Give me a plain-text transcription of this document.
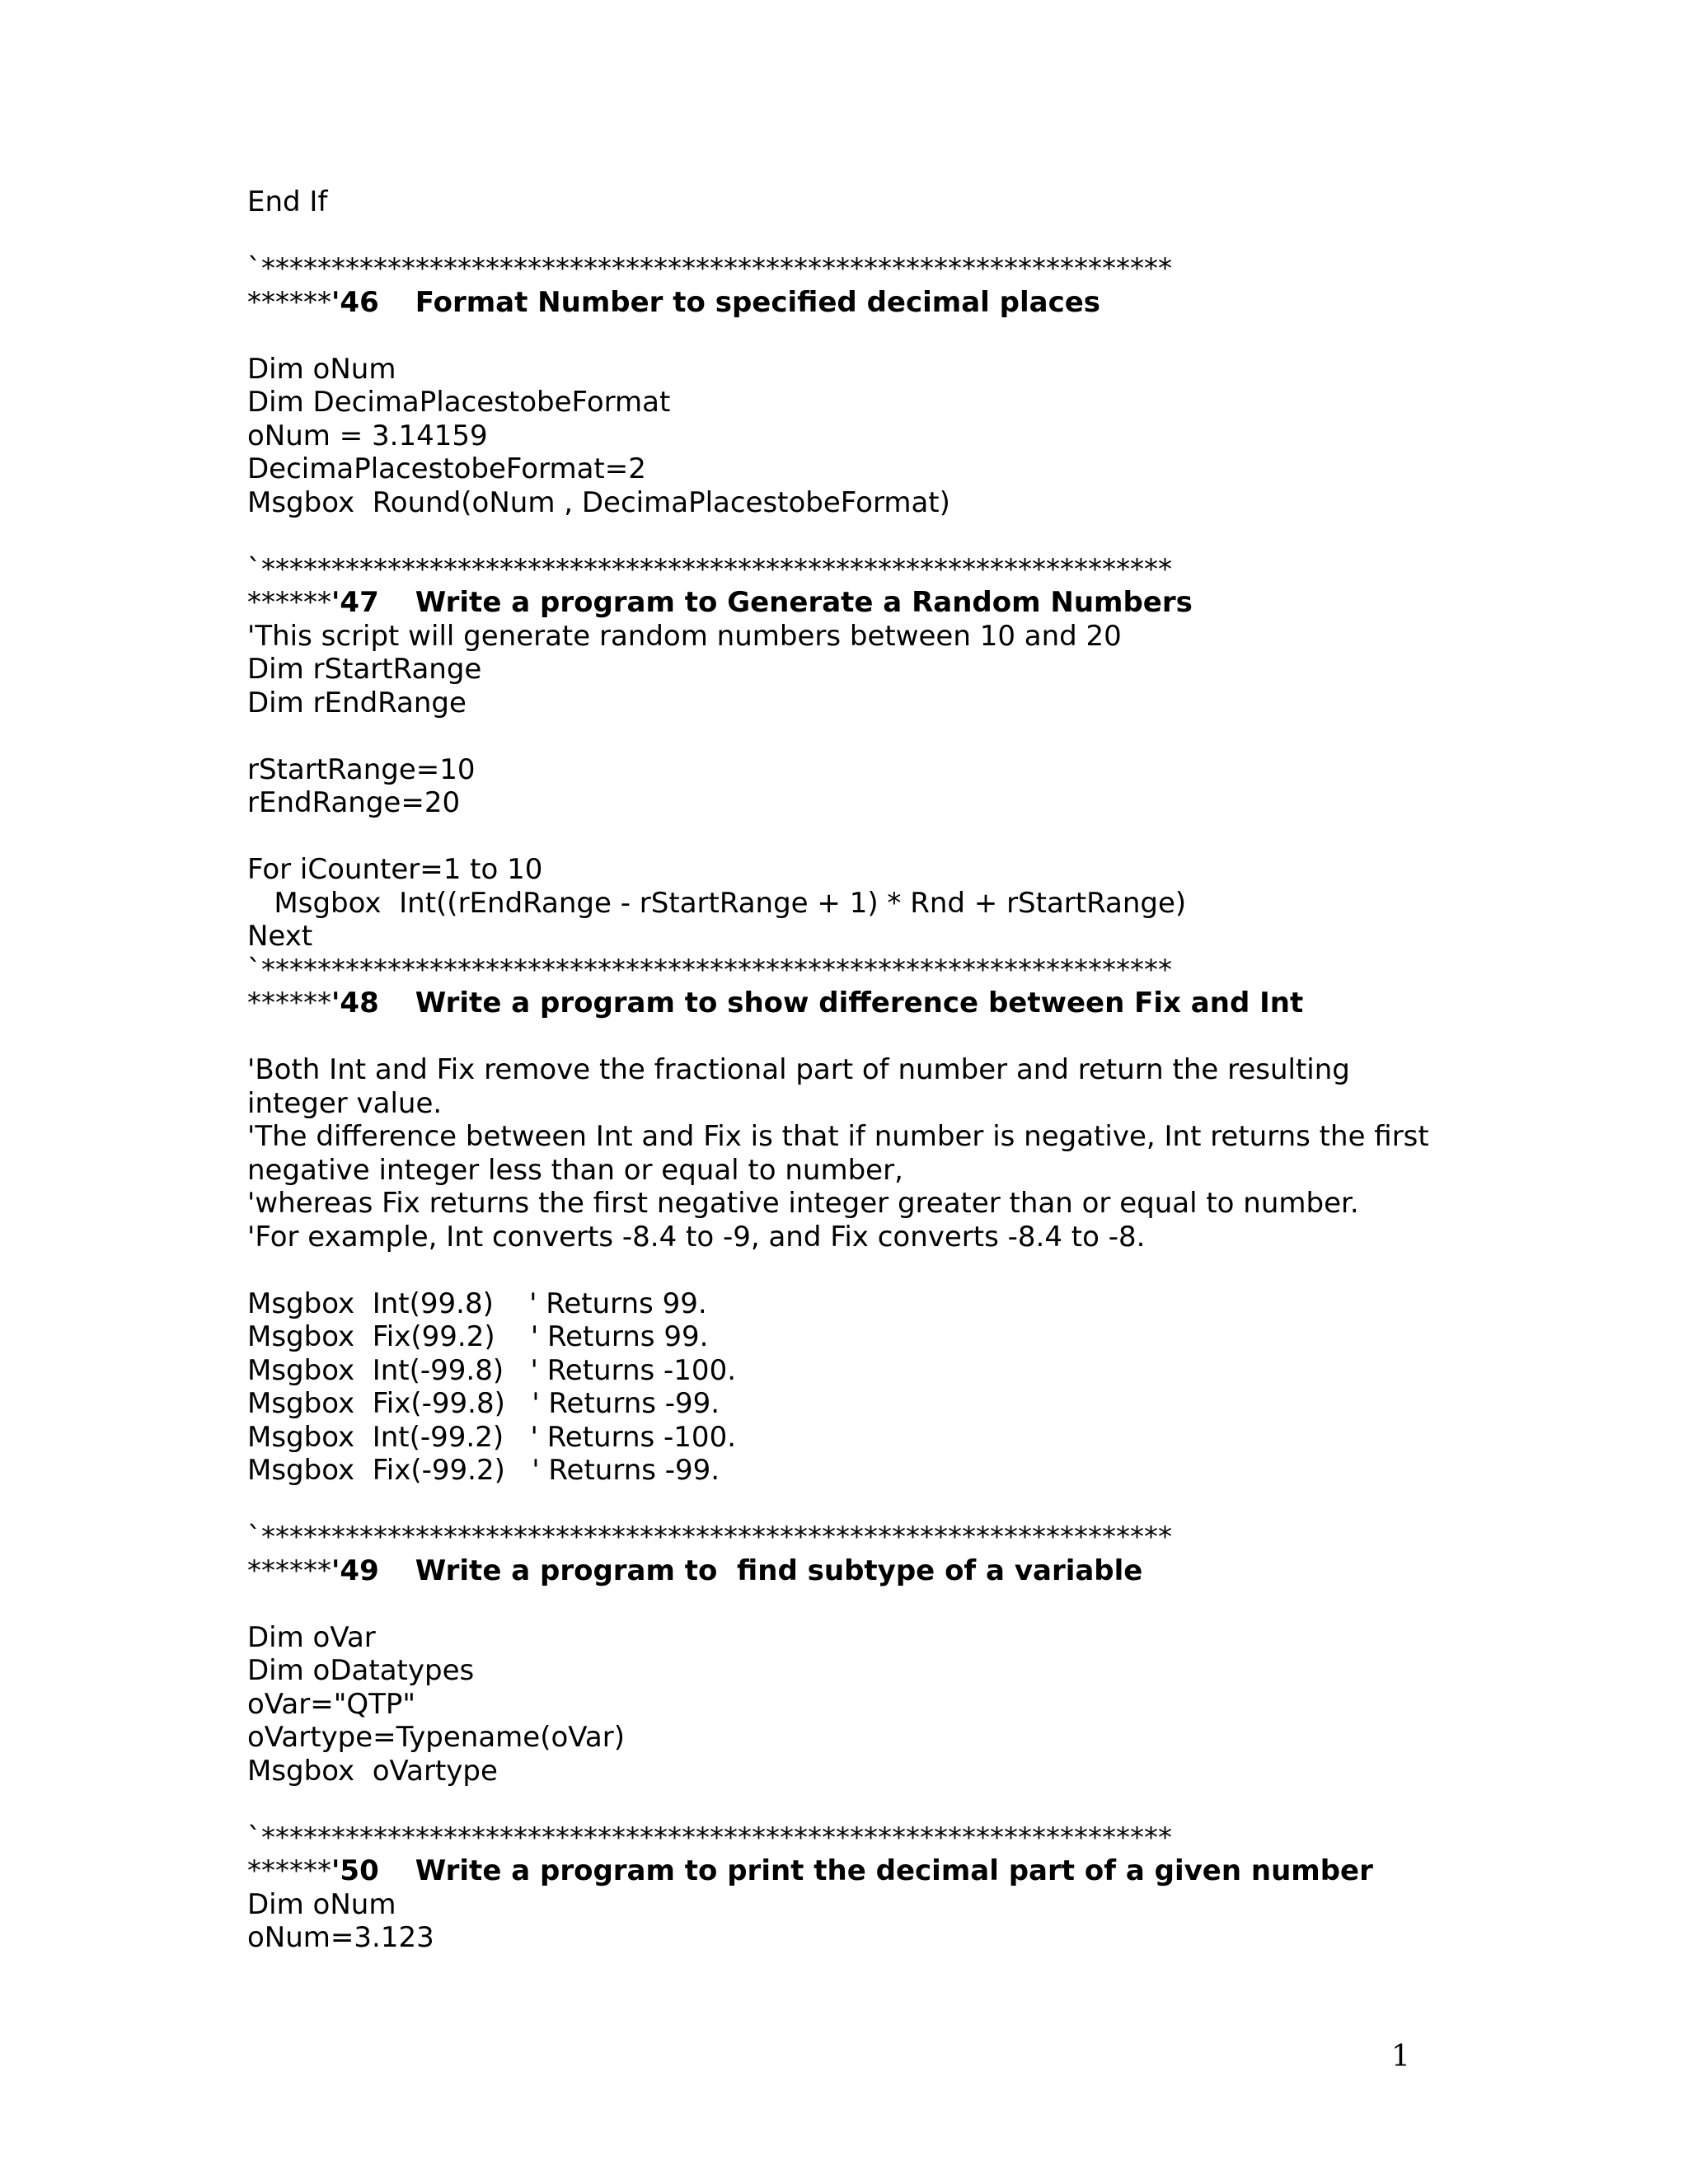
End If
`*****************************************************************
******'46 Format Number to specified decimal places
Dim oNum
Dim DecimaPlacestobeFormat
oNum = 3.14159
DecimaPlacestobeFormat=2
Msgbox  Round(oNum , DecimaPlacestobeFormat)
`*****************************************************************
******'47 Write a program to Generate a Random Numbers
'This script will generate random numbers between 10 and 20
Dim rStartRange
Dim rEndRange
rStartRange=10
rEndRange=20
For iCounter=1 to 10
Msgbox  Int((rEndRange - rStartRange + 1) * Rnd + rStartRange)
Next
`*****************************************************************
******'48 Write a program to show difference between Fix and Int
'Both Int and Fix remove the fractional part of number and return the resulting
integer value.
'The difference between Int and Fix is that if number is negative, Int returns the first
negative integer less than or equal to number,
'whereas Fix returns the first negative integer greater than or equal to number.
'For example, Int converts -8.4 to -9, and Fix converts -8.4 to -8.
Msgbox  Int(99.8)    ' Returns 99.
Msgbox  Fix(99.2)    ' Returns 99.
Msgbox  Int(-99.8)   ' Returns -100.
Msgbox  Fix(-99.8)   ' Returns -99.
Msgbox  Int(-99.2)   ' Returns -100.
Msgbox  Fix(-99.2)   ' Returns -99.
`*****************************************************************
******'49 Write a program to  find subtype of a variable
Dim oVar
Dim oDatatypes
oVar="QTP"
oVartype=Typename(oVar)
Msgbox  oVartype
`*****************************************************************
******'50 Write a program to print the decimal part of a given number
Dim oNum
oNum=3.123
1
